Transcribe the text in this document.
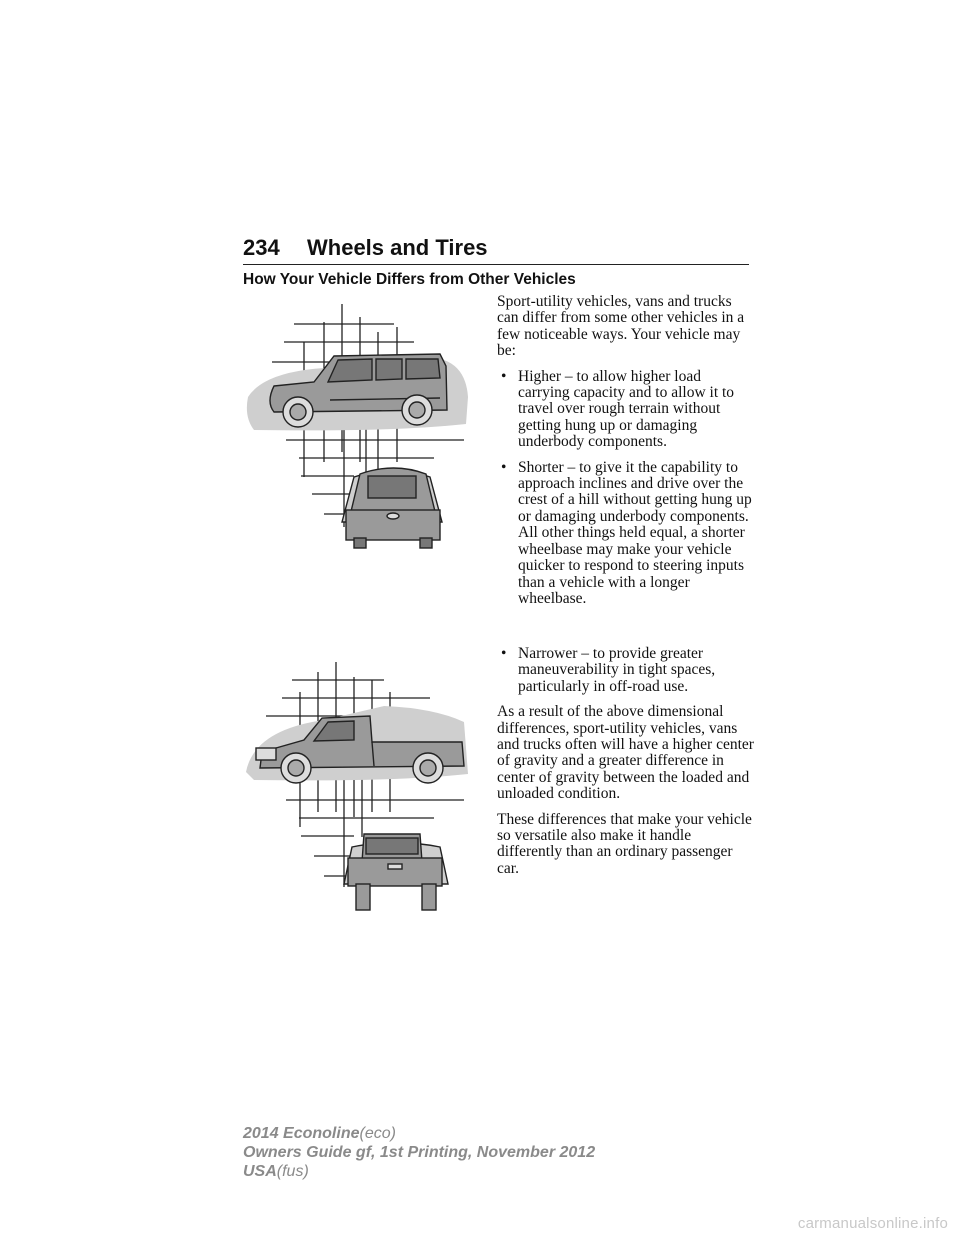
234 Wheels and Tires
How Your Vehicle Differs from Other Vehicles

Sport-utility vehicles, vans and trucks can differ from some other vehicles in a few noticeable ways. Your vehicle may be:

• Higher – to allow higher load carrying capacity and to allow it to travel over rough terrain without getting hung up or damaging underbody components.
• Shorter – to give it the capability to approach inclines and drive over the crest of a hill without getting hung up or damaging underbody components. All other things held equal, a shorter wheelbase may make your vehicle quicker to respond to steering inputs than a vehicle with a longer wheelbase.
• Narrower – to provide greater maneuverability in tight spaces, particularly in off-road use.

As a result of the above dimensional differences, sport-utility vehicles, vans and trucks often will have a higher center of gravity and a greater difference in center of gravity between the loaded and unloaded condition.

These differences that make your vehicle so versatile also make it handle differently than an ordinary passenger car.

2014 Econoline(eco)
Owners Guide gf, 1st Printing, November 2012
USA(fus)
carmanualsonline.info
